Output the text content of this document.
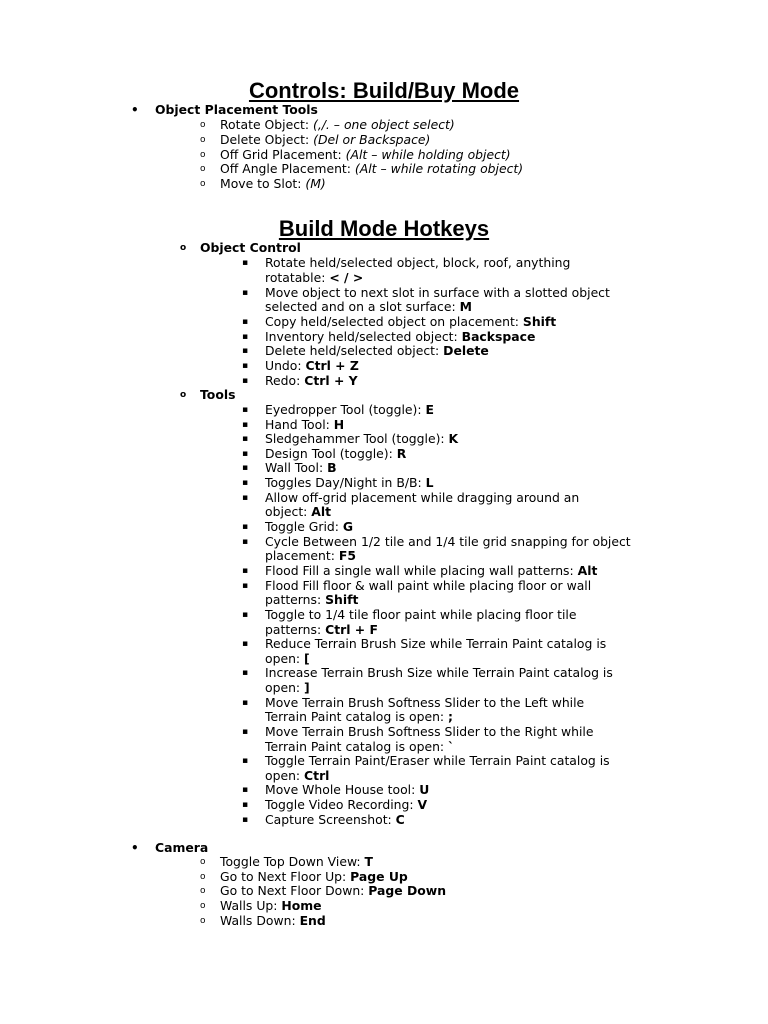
Controls: Build/Buy Mode
• Object Placement Tools
o Rotate Object: (,/. – one object select)
o Delete Object: (Del or Backspace)
o Off Grid Placement: (Alt – while holding object)
o Off Angle Placement: (Alt – while rotating object)
o Move to Slot: (M)
Build Mode Hotkeys
o Object Control
▪ Rotate held/selected object, block, roof, anything
rotatable: < / >
▪ Move object to next slot in surface with a slotted object
selected and on a slot surface: M
▪ Copy held/selected object on placement: Shift
▪ Inventory held/selected object: Backspace
▪ Delete held/selected object: Delete
▪ Undo: Ctrl + Z
▪ Redo: Ctrl + Y
o Tools
▪ Eyedropper Tool (toggle): E
▪ Hand Tool: H
▪ Sledgehammer Tool (toggle): K
▪ Design Tool (toggle): R
▪ Wall Tool: B
▪ Toggles Day/Night in B/B: L
▪ Allow off-grid placement while dragging around an
object: Alt
▪ Toggle Grid: G
▪ Cycle Between 1/2 tile and 1/4 tile grid snapping for object
placement: F5
▪ Flood Fill a single wall while placing wall patterns: Alt
▪ Flood Fill floor & wall paint while placing floor or wall
patterns: Shift
▪ Toggle to 1/4 tile floor paint while placing floor tile
patterns: Ctrl + F
▪ Reduce Terrain Brush Size while Terrain Paint catalog is
open: [
▪ Increase Terrain Brush Size while Terrain Paint catalog is
open: ]
▪ Move Terrain Brush Softness Slider to the Left while
Terrain Paint catalog is open: ;
▪ Move Terrain Brush Softness Slider to the Right while
Terrain Paint catalog is open: `
▪ Toggle Terrain Paint/Eraser while Terrain Paint catalog is
open: Ctrl
▪ Move Whole House tool: U
▪ Toggle Video Recording: V
▪ Capture Screenshot: C
• Camera
o Toggle Top Down View: T
o Go to Next Floor Up: Page Up
o Go to Next Floor Down: Page Down
o Walls Up: Home
o Walls Down: End
